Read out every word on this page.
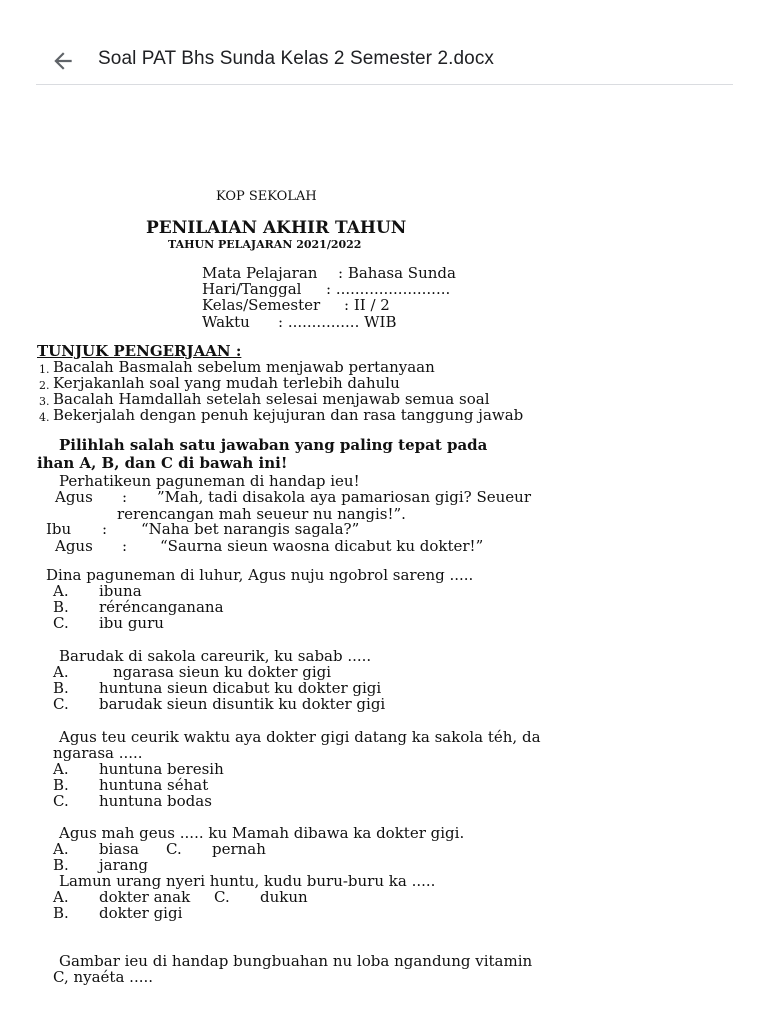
Soal PAT Bhs Sunda Kelas 2 Semester 2.docx
KOP SEKOLAH
PENILAIAN AKHIR TAHUN
TAHUN PELAJARAN 2021/2022
Mata Pelajaran : Bahasa Sunda
Hari/Tanggal : ........................
Kelas/Semester : II / 2
Waktu : ............... WIB
TUNJUK PENGERJAAN :
1. Bacalah Basmalah sebelum menjawab pertanyaan
2. Kerjakanlah soal yang mudah terlebih dahulu
3. Bacalah Hamdallah setelah selesai menjawab semua soal
4. Bekerjalah dengan penuh kejujuran dan rasa tanggung jawab
Pilihlah salah satu jawaban yang paling tepat pada
ihan A, B, dan C di bawah ini!
Perhatikeun paguneman di handap ieu!
Agus : ”Mah, tadi disakola aya pamariosan gigi? Seueur
rerencangan mah seueur nu nangis!”.
Ibu : “Naha bet narangis sagala?”
Agus : “Saurna sieun waosna dicabut ku dokter!”
Dina paguneman di luhur, Agus nuju ngobrol sareng .....
A. ibuna
B. réréncanganana
C. ibu guru
Barudak di sakola careurik, ku sabab .....
A.	ngarasa sieun ku dokter gigi
B. huntuna sieun dicabut ku dokter gigi
C. barudak sieun disuntik ku dokter gigi
Agus teu ceurik waktu aya dokter gigi datang ka sakola téh, da
ngarasa .....
A. huntuna beresih
B. huntuna séhat
C. huntuna bodas
Agus mah geus ..... ku Mamah dibawa ka dokter gigi.
A. biasa C. pernah
B. jarang
Lamun urang nyeri huntu, kudu buru-buru ka .....
A. dokter anak C. dukun
B. dokter gigi
Gambar ieu di handap bungbuahan nu loba ngandung vitamin
C, nyaéta .....
